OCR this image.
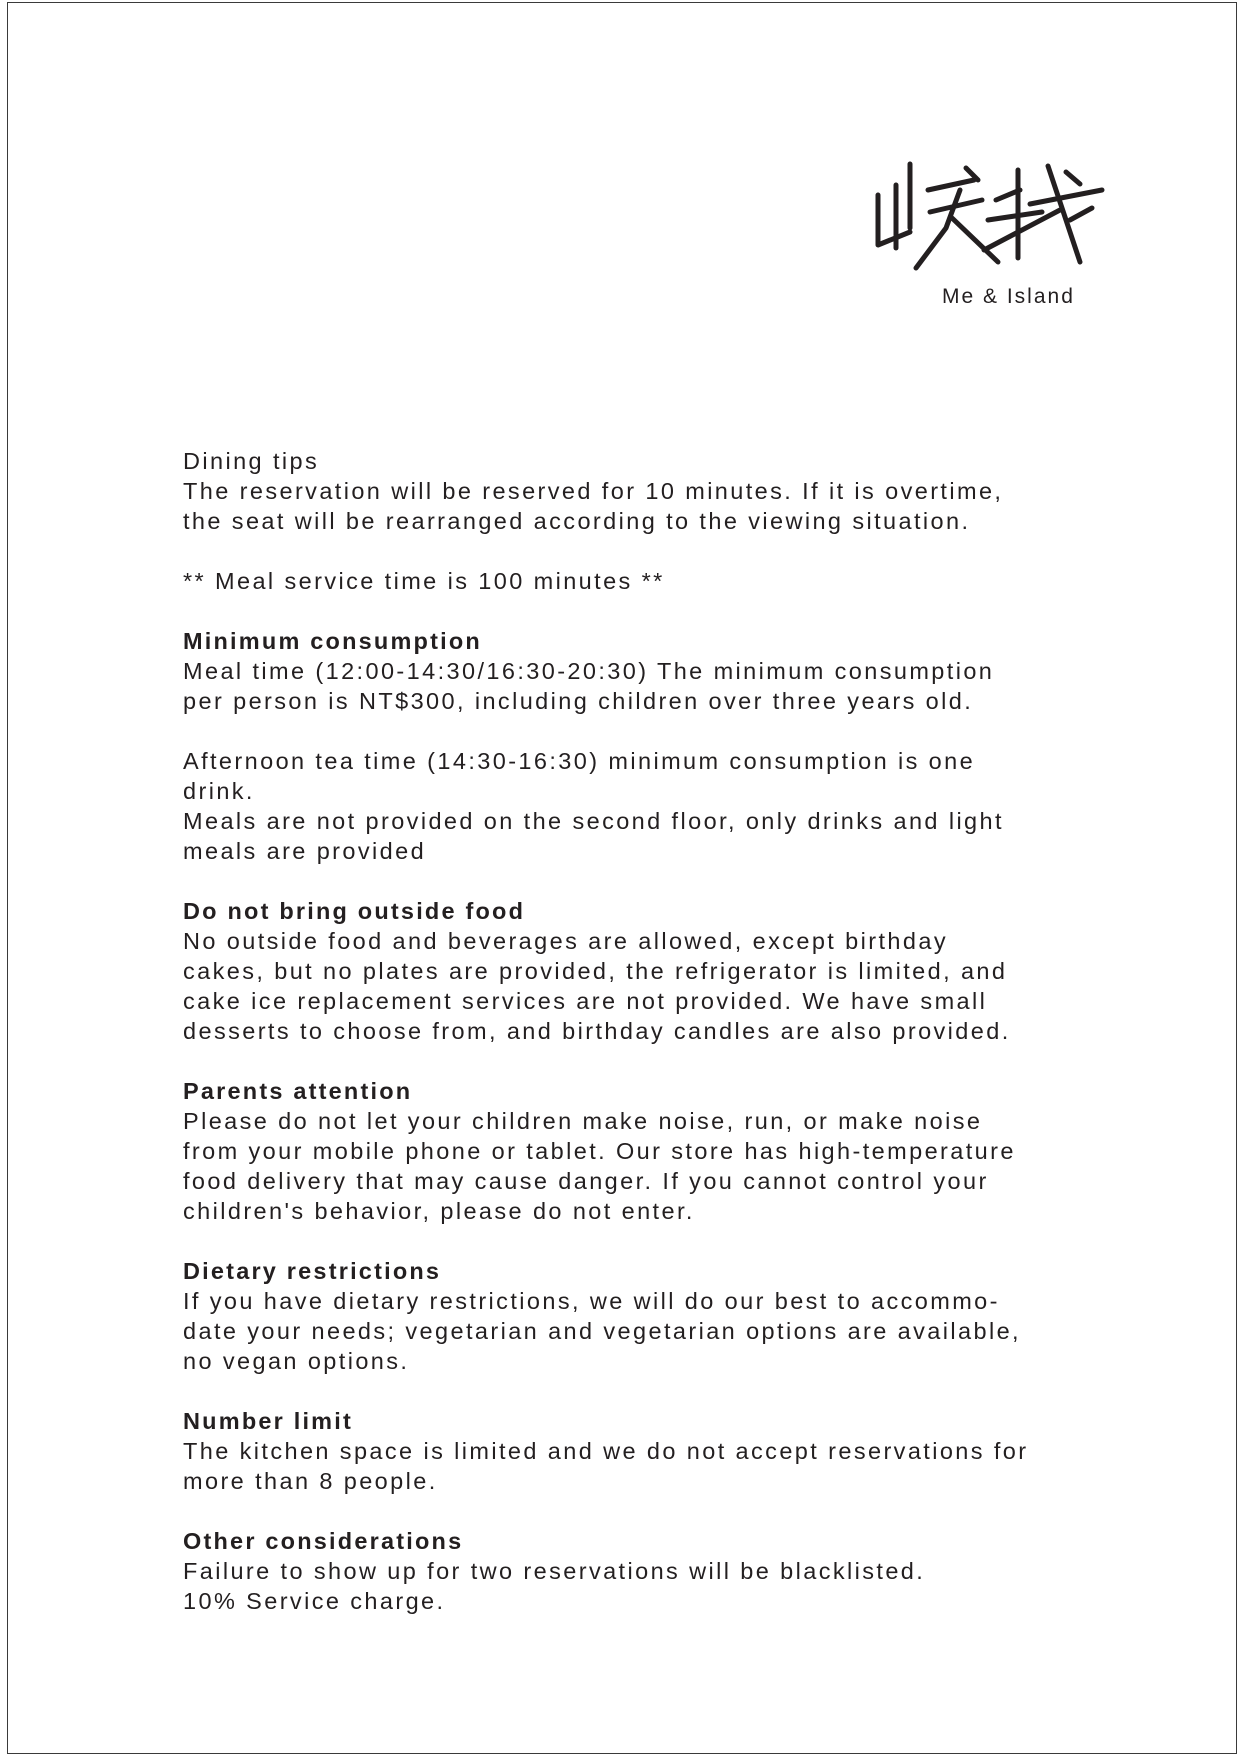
Me & Island

Dining tips

The reservation will be reserved for 10 minutes. If it is overtime,

the seat will be rearranged according to the viewing situation.

** Meal service time is 100 minutes **

Minimum consumption

Meal time (12:00-14:30/16:30-20:30) The minimum consumption

per person is NT$300, including children over three years old.

Afternoon tea time (14:30-16:30) minimum consumption is one

drink.

Meals are not provided on the second floor, only drinks and light

meals are provided

Do not bring outside food

No outside food and beverages are allowed, except birthday

cakes, but no plates are provided, the refrigerator is limited, and

cake ice replacement services are not provided. We have small

desserts to choose from, and birthday candles are also provided.

Parents attention

Please do not let your children make noise, run, or make noise

from your mobile phone or tablet. Our store has high-temperature

food delivery that may cause danger. If you cannot control your

children's behavior, please do not enter.

Dietary restrictions

If you have dietary restrictions, we will do our best to accommo-

date your needs; vegetarian and vegetarian options are available,

no vegan options.

Number limit

The kitchen space is limited and we do not accept reservations for

more than 8 people.

Other considerations

Failure to show up for two reservations will be blacklisted.

10% Service charge.
